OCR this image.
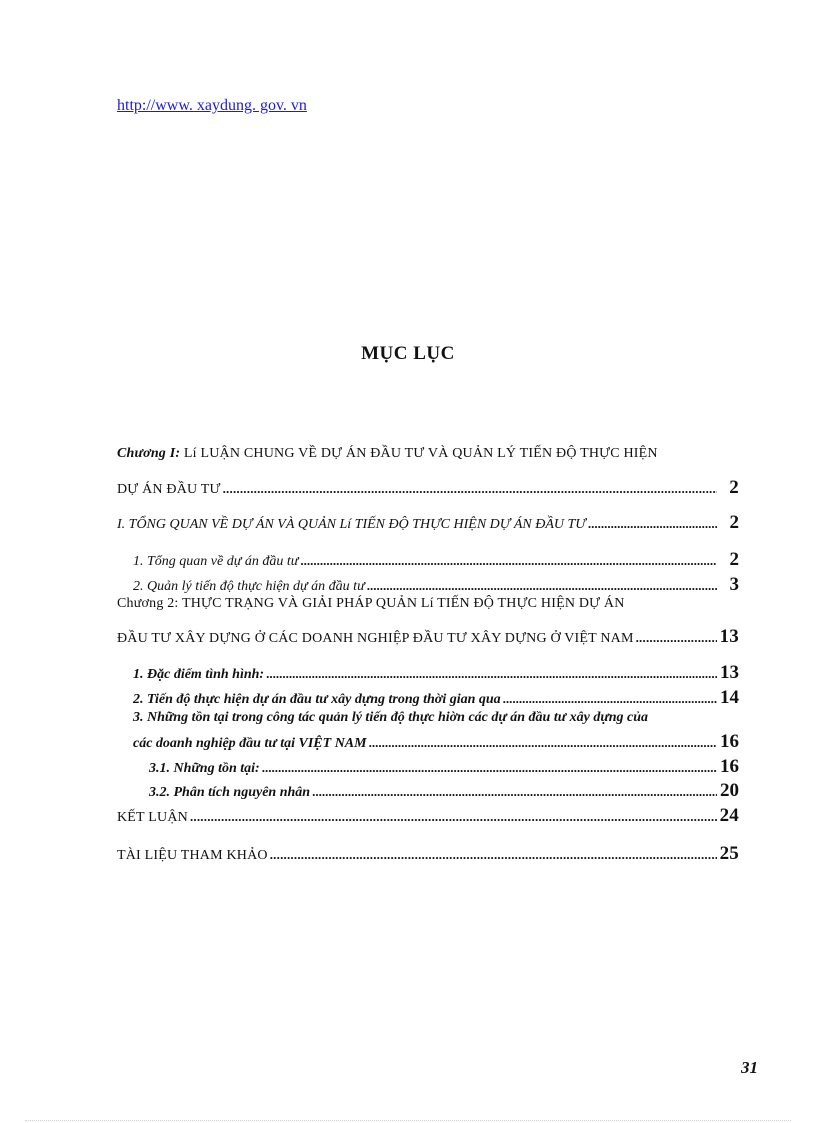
http://www. xaydung. gov. vn
MỤC LỤC
Chương I: Lí LUẬN CHUNG VỀ DỰ ÁN ĐẦU TƯ VÀ QUẢN LÝ TIẾN ĐỘ THỰC HIỆN
DỰ ÁN ĐẦU TƯ .....	2
I. TỔNG QUAN VỀ DỰ ÁN VÀ QUẢN Lí TIẾN ĐỘ THỰC HIỆN DỰ ÁN ĐẦU TƯ .....	2
1. Tổng quan về dự án đầu tư .....	2
2. Quản lý tiến độ thực hiện dự án đầu tư .....	3
Chương 2: THỰC TRẠNG VÀ GIẢI PHÁP QUẢN Lí TIẾN ĐỘ THỰC HIỆN DỰ ÁN
ĐẦU TƯ XÂY DỰNG Ở CÁC DOANH NGHIỆP ĐẦU TƯ XÂY DỰNG Ở VIỆT NAM .....	13
1. Đặc điểm tình hình: .....	13
2. Tiến độ thực hiện dự án đầu tư xây dựng trong thời gian qua .....	14
3. Những tồn tại trong công tác quản lý tiến độ thực hiờn các dự án đầu tư xây dựng của
các doanh nghiệp đầu tư tại VIỆT NAM .....	16
3.1. Những tồn tại: .....	16
3.2. Phân tích nguyên nhân .....	20
KẾT LUẬN .....	24
TÀI LIỆU THAM KHẢO .....	25
31
